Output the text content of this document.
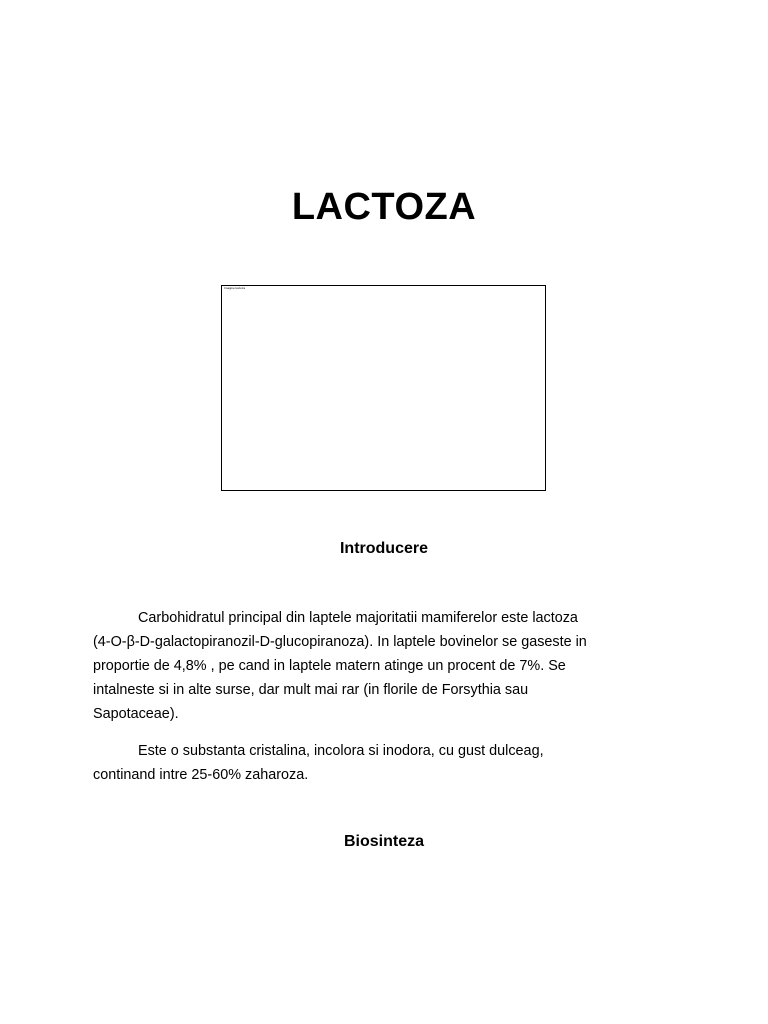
LACTOZA
Imagine lactoza
Introducere

Carbohidratul principal din laptele majoritatii mamiferelor este lactoza
(4-O-β-D-galactopiranozil-D-glucopiranoza). In laptele bovinelor se gaseste in
proportie de 4,8% , pe cand in laptele matern atinge un procent de 7%. Se
intalneste si in alte surse, dar mult mai rar (in florile de Forsythia sau
Sapotaceae).

Este o substanta cristalina, incolora si inodora, cu gust dulceag,
continand intre 25-60% zaharoza.

Biosinteza
